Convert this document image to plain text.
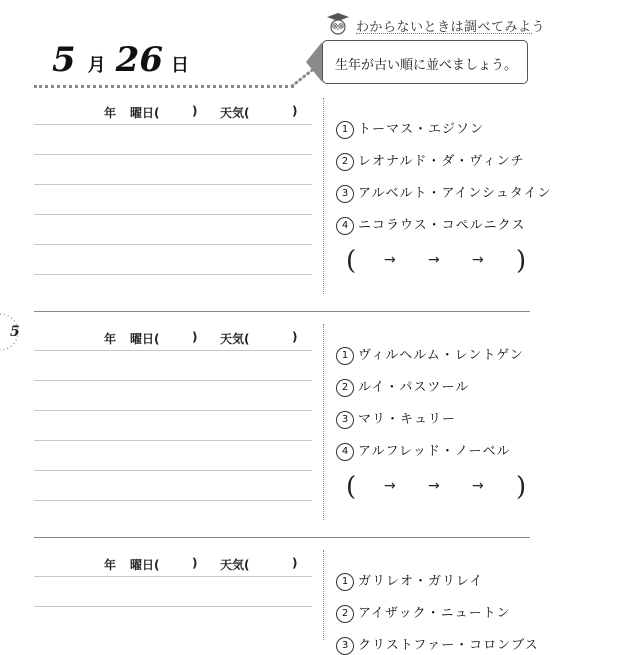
5 月 26 日
わからないときは調べてみよう
生年が古い順に並べましょう。
5
年 曜日(	) 天気(	)
1 トーマス・エジソン
2 レオナルド・ダ・ヴィンチ
3 アルベルト・アインシュタイン
4 ニコラウス・コペルニクス
( → → → )
年 曜日(	) 天気(	)
1 ヴィルヘルム・レントゲン
2 ルイ・パスツール
3 マリ・キュリー
4 アルフレッド・ノーベル
( → → → )
年 曜日(	) 天気(	)
1 ガリレオ・ガリレイ
2 アイザック・ニュートン
3 クリストファー・コロンブス
